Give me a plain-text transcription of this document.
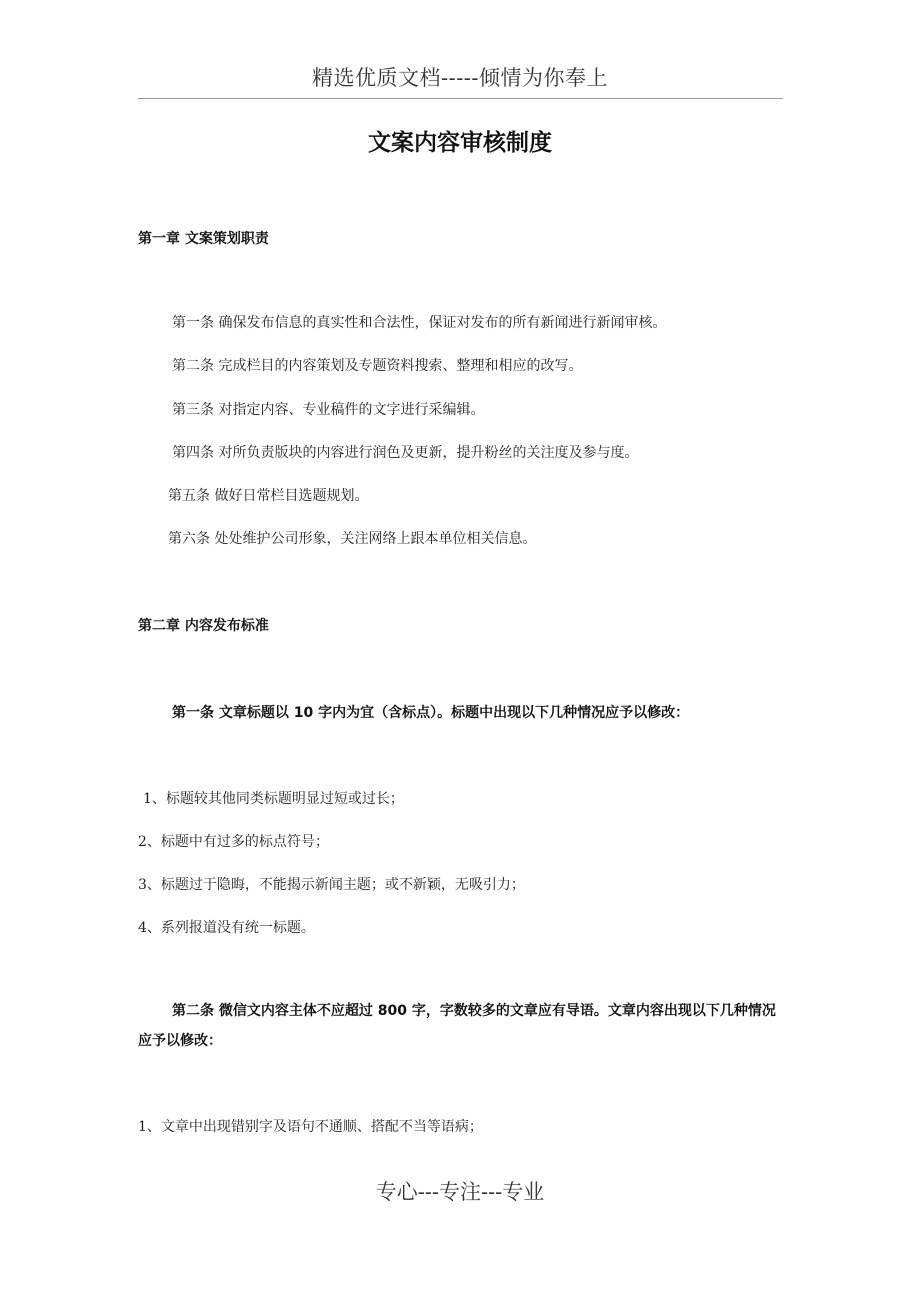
精选优质文档-----倾情为你奉上
文案内容审核制度
第一章 文案策划职责
第一条 确保发布信息的真实性和合法性，保证对发布的所有新闻进行新闻审核。
第二条 完成栏目的内容策划及专题资料搜索、整理和相应的改写。
第三条 对指定内容、专业稿件的文字进行采编辑。
第四条 对所负责版块的内容进行润色及更新，提升粉丝的关注度及参与度。
第五条 做好日常栏目选题规划。
第六条 处处维护公司形象，关注网络上跟本单位相关信息。
第二章 内容发布标准
第一条 文章标题以 10 字内为宜（含标点）。标题中出现以下几种情况应予以修改：
1、标题较其他同类标题明显过短或过长；
2、标题中有过多的标点符号；
3、标题过于隐晦，不能揭示新闻主题；或不新颖，无吸引力；
4、系列报道没有统一标题。
第二条 微信文内容主体不应超过 800 字，字数较多的文章应有导语。文章内容出现以下几种情况应予以修改：
1、文章中出现错别字及语句不通顺、搭配不当等语病；
专心---专注---专业
